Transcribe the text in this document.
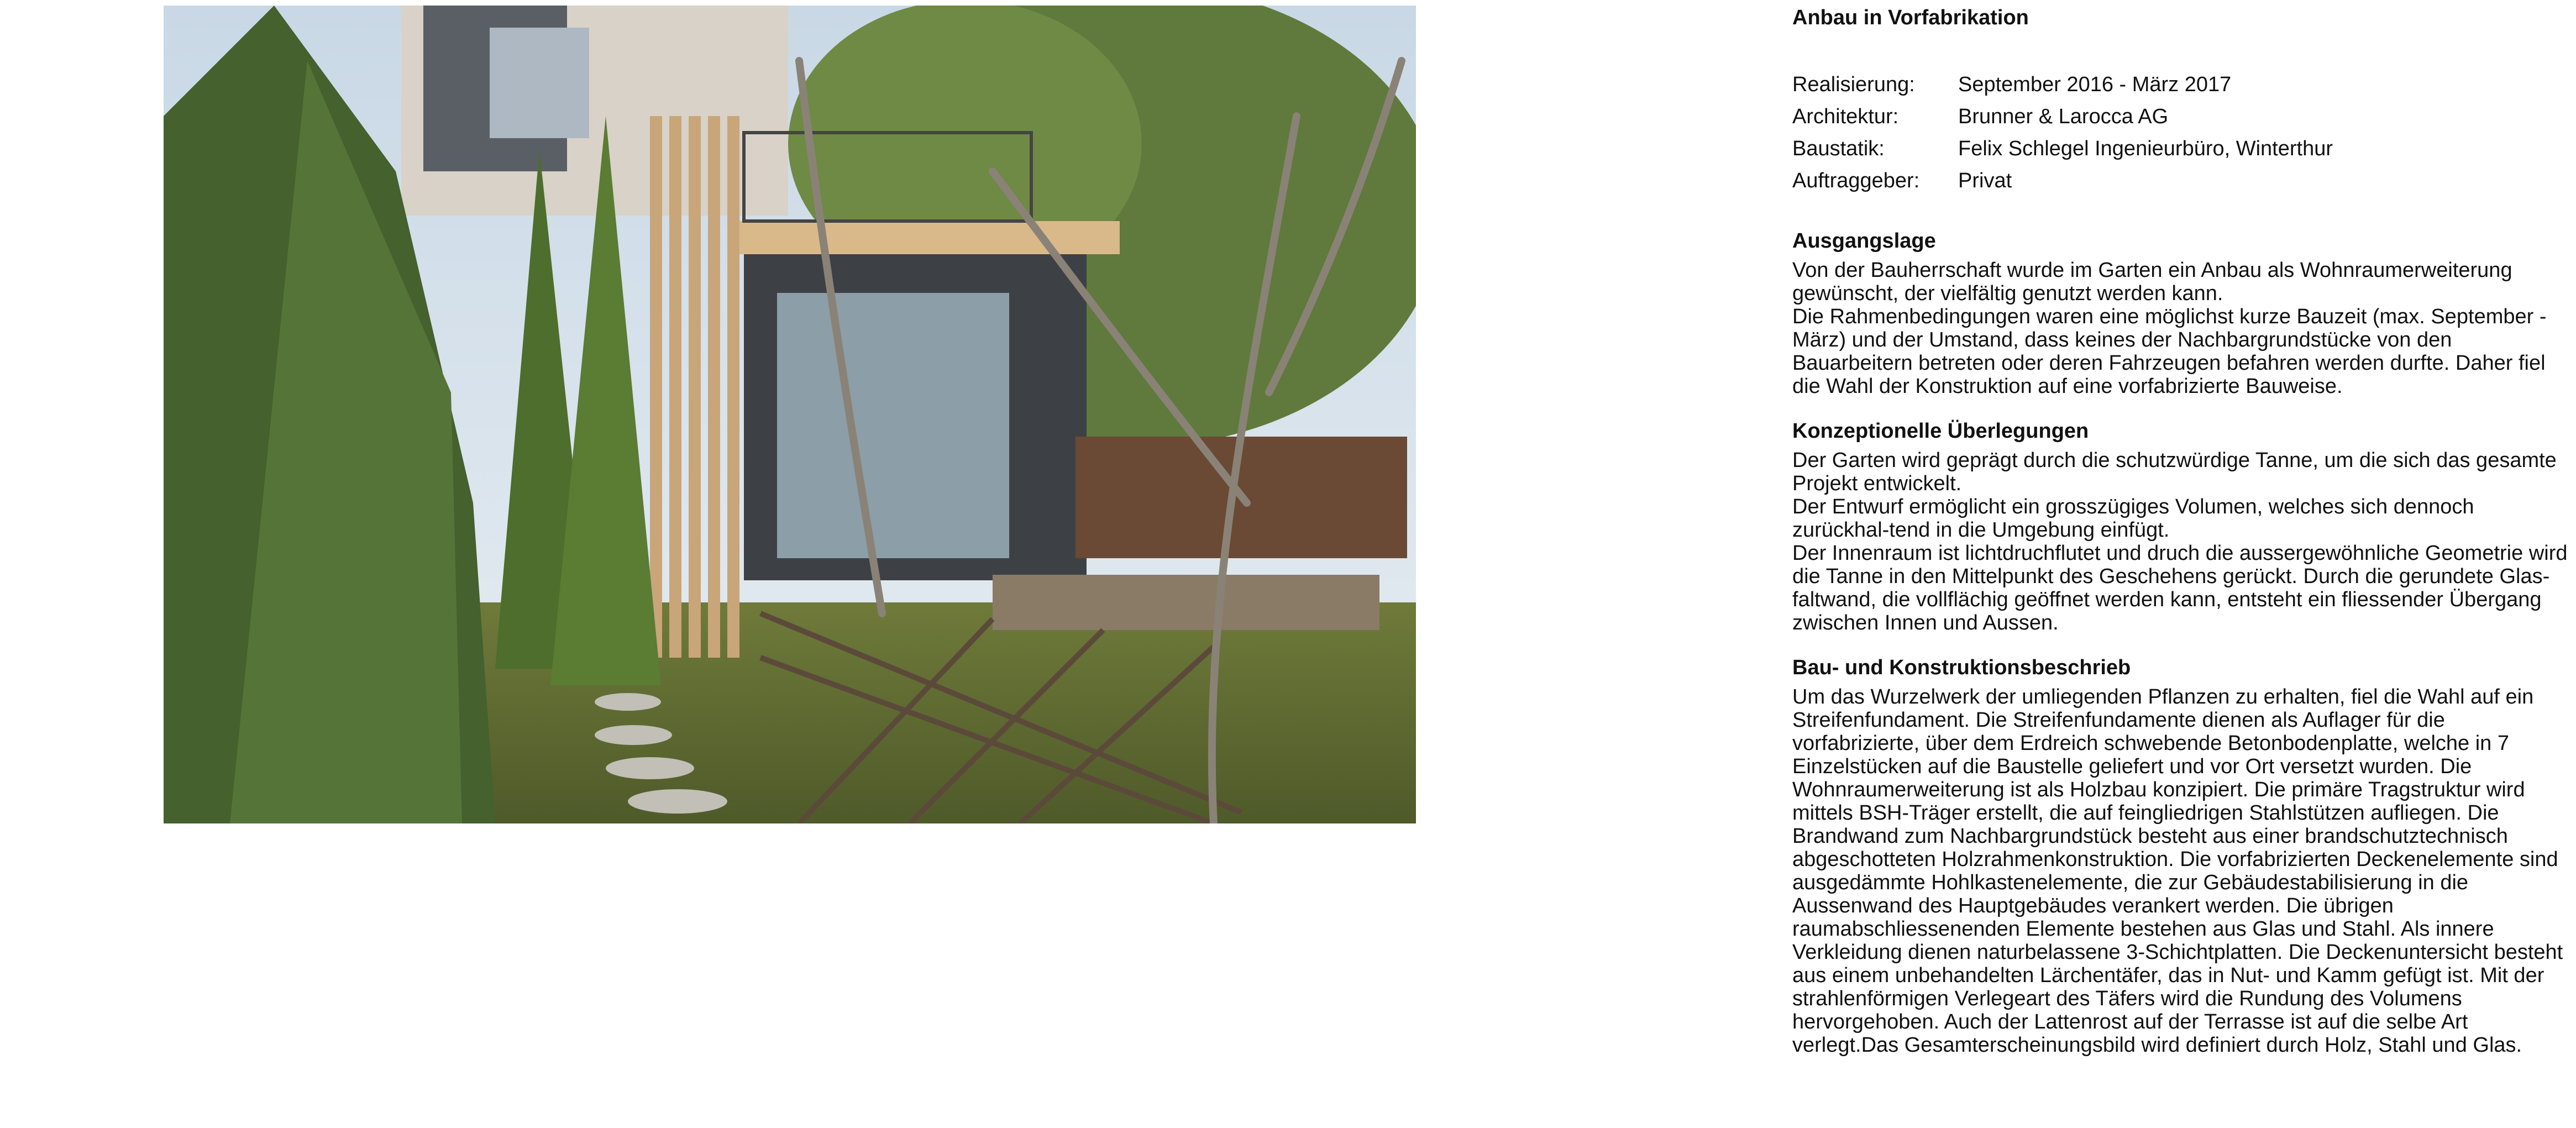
Anbau in Vorfabrikation
Realisierung:	September 2016 - März 2017
Architektur:	Brunner & Larocca AG
Baustatik:	Felix Schlegel Ingenieurbüro, Winterthur
Auftraggeber:	Privat
Ausgangslage

Von der Bauherrschaft wurde im Garten ein Anbau als Wohnraumerweiterung gewünscht, der vielfältig genutzt werden kann.

Die Rahmenbedingungen waren eine möglichst kurze Bauzeit (max. September - März) und der Umstand, dass keines der Nachbargrundstücke von den Bauarbeitern betreten oder deren Fahrzeugen befahren werden durfte. Daher fiel die Wahl der Konstruktion auf eine vorfabrizierte Bauweise.

Konzeptionelle Überlegungen

Der Garten wird geprägt durch die schutzwürdige Tanne, um die sich das gesamte Projekt entwickelt.

Der Entwurf ermöglicht ein grosszügiges Volumen, welches sich dennoch zurückhal-tend in die Umgebung einfügt.

Der Innenraum ist lichtdruchflutet und druch die aussergewöhnliche Geometrie wird die Tanne in den Mittelpunkt des Geschehens gerückt. Durch die gerundete Glas-faltwand, die vollflächig geöffnet werden kann, entsteht ein fliessender Übergang zwischen Innen und Aussen.

Bau- und Konstruktionsbeschrieb

Um das Wurzelwerk der umliegenden Pflanzen zu erhalten, fiel die Wahl auf ein Streifenfundament. Die Streifenfundamente dienen als Auflager für die vorfabrizierte, über dem Erdreich schwebende Betonbodenplatte, welche in 7 Einzelstücken auf die Baustelle geliefert und vor Ort versetzt wurden. Die Wohnraumerweiterung ist als Holzbau konzipiert. Die primäre Tragstruktur wird mittels BSH-Träger erstellt, die auf feingliedrigen Stahlstützen aufliegen. Die Brandwand zum Nachbargrundstück besteht aus einer brandschutztechnisch abgeschotteten Holzrahmenkonstruktion. Die vorfabrizierten Deckenelemente sind ausgedämmte Hohlkastenelemente, die zur Gebäudestabilisierung in die Aussenwand des Hauptgebäudes verankert werden. Die übrigen raumabschliessenenden Elemente bestehen aus Glas und Stahl. Als innere Verkleidung dienen naturbelassene 3-Schichtplatten. Die Deckenuntersicht besteht aus einem unbehandelten Lärchentäfer, das in Nut- und Kamm gefügt ist. Mit der strahlenförmigen Verlegeart des Täfers wird die Rundung des Volumens hervorgehoben. Auch der Lattenrost auf der Terrasse ist auf die selbe Art verlegt.Das Gesamterscheinungsbild wird definiert durch Holz, Stahl und Glas.
